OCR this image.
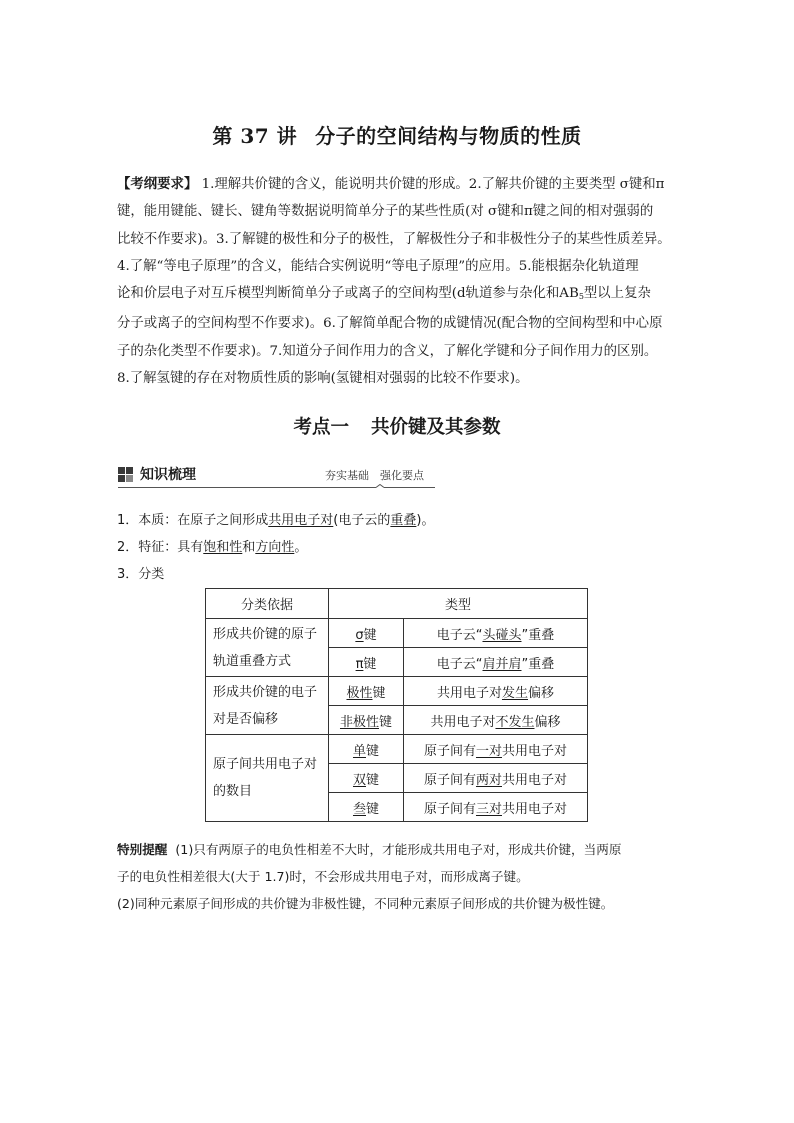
第 37 讲 分子的空间结构与物质的性质

【考纲要求】 1.理解共价键的含义，能说明共价键的形成。2.了解共价键的主要类型 σ键和π

键，能用键能、键长、键角等数据说明简单分子的某些性质(对 σ键和π键之间的相对强弱的

比较不作要求)。3.了解键的极性和分子的极性，了解极性分子和非极性分子的某些性质差异。

4.了解“等电子原理”的含义，能结合实例说明“等电子原理”的应用。5.能根据杂化轨道理

论和价层电子对互斥模型判断简单分子或离子的空间构型(d轨道参与杂化和$AB_5$型以上复杂

分子或离子的空间构型不作要求)。6.了解简单配合物的成键情况(配合物的空间构型和中心原

子的杂化类型不作要求)。7.知道分子间作用力的含义，了解化学键和分子间作用力的区别。

8.了解氢键的存在对物质性质的影响(氢键相对强弱的比较不作要求)。

考点一 共价键及其参数
知识梳理	夯实基础　强化要点
1．本质：在原子之间形成共用电子对(电子云的重叠)。
2．特征：具有饱和性和方向性。
3．分类
分类依据	类型	
形成共价键的原子轨道重叠方式	σ键	电子云“头碰头”重叠
	π键	电子云“肩并肩”重叠
形成共价键的电子对是否偏移	极性键	共用电子对发生偏移
	非极性键	共用电子对不发生偏移
原子间共用电子对的数目	单键	原子间有一对共用电子对
	双键	原子间有两对共用电子对
	叁键	原子间有三对共用电子对

特别提醒 (1)只有两原子的电负性相差不大时，才能形成共用电子对，形成共价键，当两原

子的电负性相差很大(大于 1.7)时，不会形成共用电子对，而形成离子键。

(2)同种元素原子间形成的共价键为非极性键，不同种元素原子间形成的共价键为极性键。
